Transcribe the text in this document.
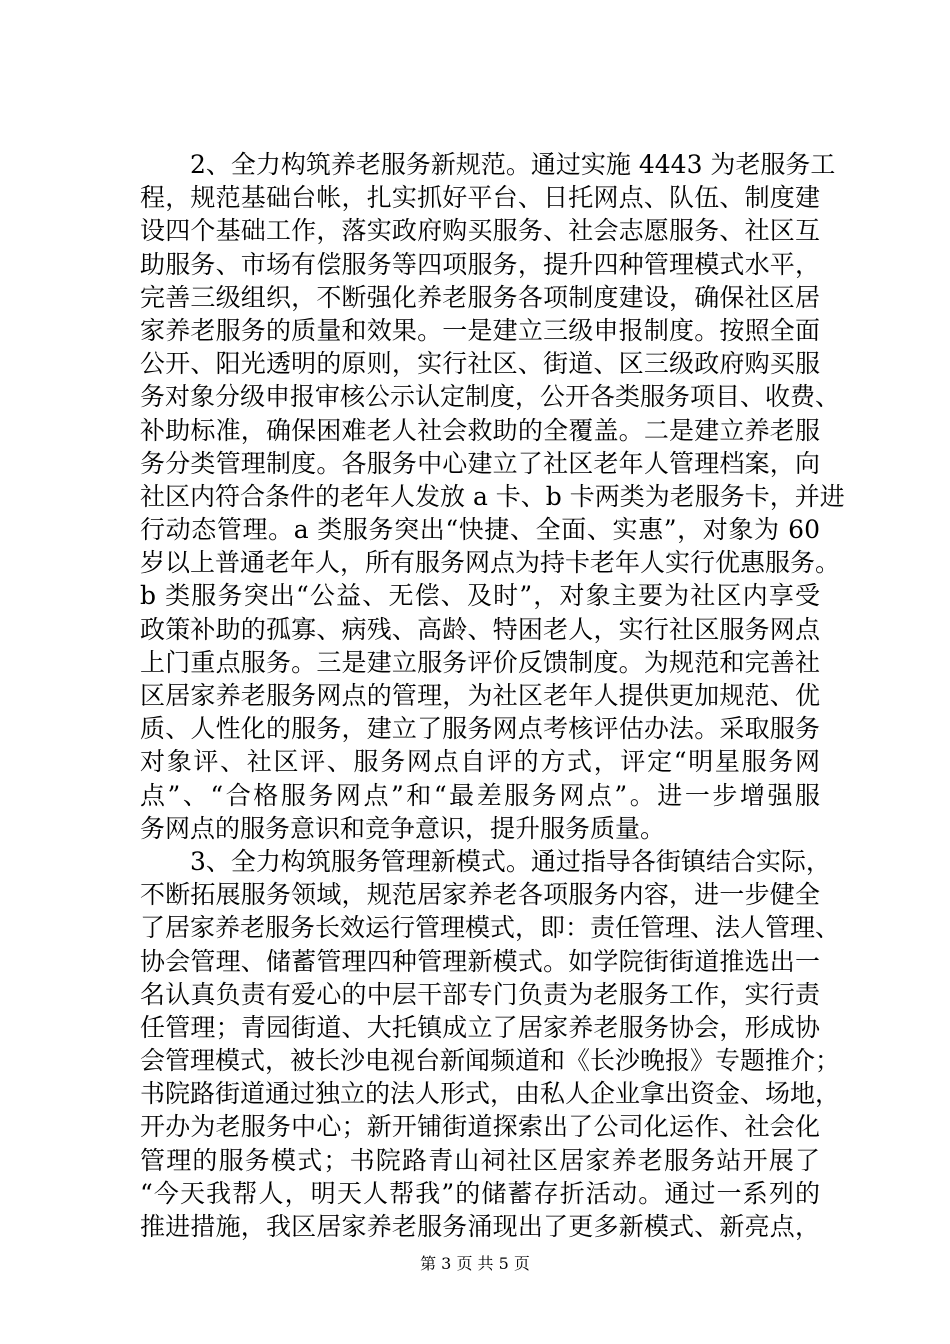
2、全力构筑养老服务新规范。通过实施 4443 为老服务工
程，规范基础台帐，扎实抓好平台、日托网点、队伍、制度建
设四个基础工作，落实政府购买服务、社会志愿服务、社区互
助服务、市场有偿服务等四项服务，提升四种管理模式水平，
完善三级组织，不断强化养老服务各项制度建设，确保社区居
家养老服务的质量和效果。一是建立三级申报制度。按照全面
公开、阳光透明的原则，实行社区、街道、区三级政府购买服
务对象分级申报审核公示认定制度，公开各类服务项目、收费、
补助标准，确保困难老人社会救助的全覆盖。二是建立养老服
务分类管理制度。各服务中心建立了社区老年人管理档案，向
社区内符合条件的老年人发放 a 卡、b 卡两类为老服务卡，并进
行动态管理。a 类服务突出“快捷、全面、实惠”，对象为 60
岁以上普通老年人，所有服务网点为持卡老年人实行优惠服务。
b 类服务突出“公益、无偿、及时”，对象主要为社区内享受
政策补助的孤寡、病残、高龄、特困老人，实行社区服务网点
上门重点服务。三是建立服务评价反馈制度。为规范和完善社
区居家养老服务网点的管理，为社区老年人提供更加规范、优
质、人性化的服务，建立了服务网点考核评估办法。采取服务
对象评、社区评、服务网点自评的方式，评定“明星服务网
点”、“合格服务网点”和“最差服务网点”。进一步增强服
务网点的服务意识和竞争意识，提升服务质量。
3、全力构筑服务管理新模式。通过指导各街镇结合实际，
不断拓展服务领域，规范居家养老各项服务内容，进一步健全
了居家养老服务长效运行管理模式，即：责任管理、法人管理、
协会管理、储蓄管理四种管理新模式。如学院街街道推选出一
名认真负责有爱心的中层干部专门负责为老服务工作，实行责
任管理；青园街道、大托镇成立了居家养老服务协会，形成协
会管理模式，被长沙电视台新闻频道和《长沙晚报》专题推介；
书院路街道通过独立的法人形式，由私人企业拿出资金、场地，
开办为老服务中心；新开铺街道探索出了公司化运作、社会化
管理的服务模式；书院路青山祠社区居家养老服务站开展了
“今天我帮人，明天人帮我”的储蓄存折活动。通过一系列的
推进措施，我区居家养老服务涌现出了更多新模式、新亮点，
第 3 页 共 5 页
